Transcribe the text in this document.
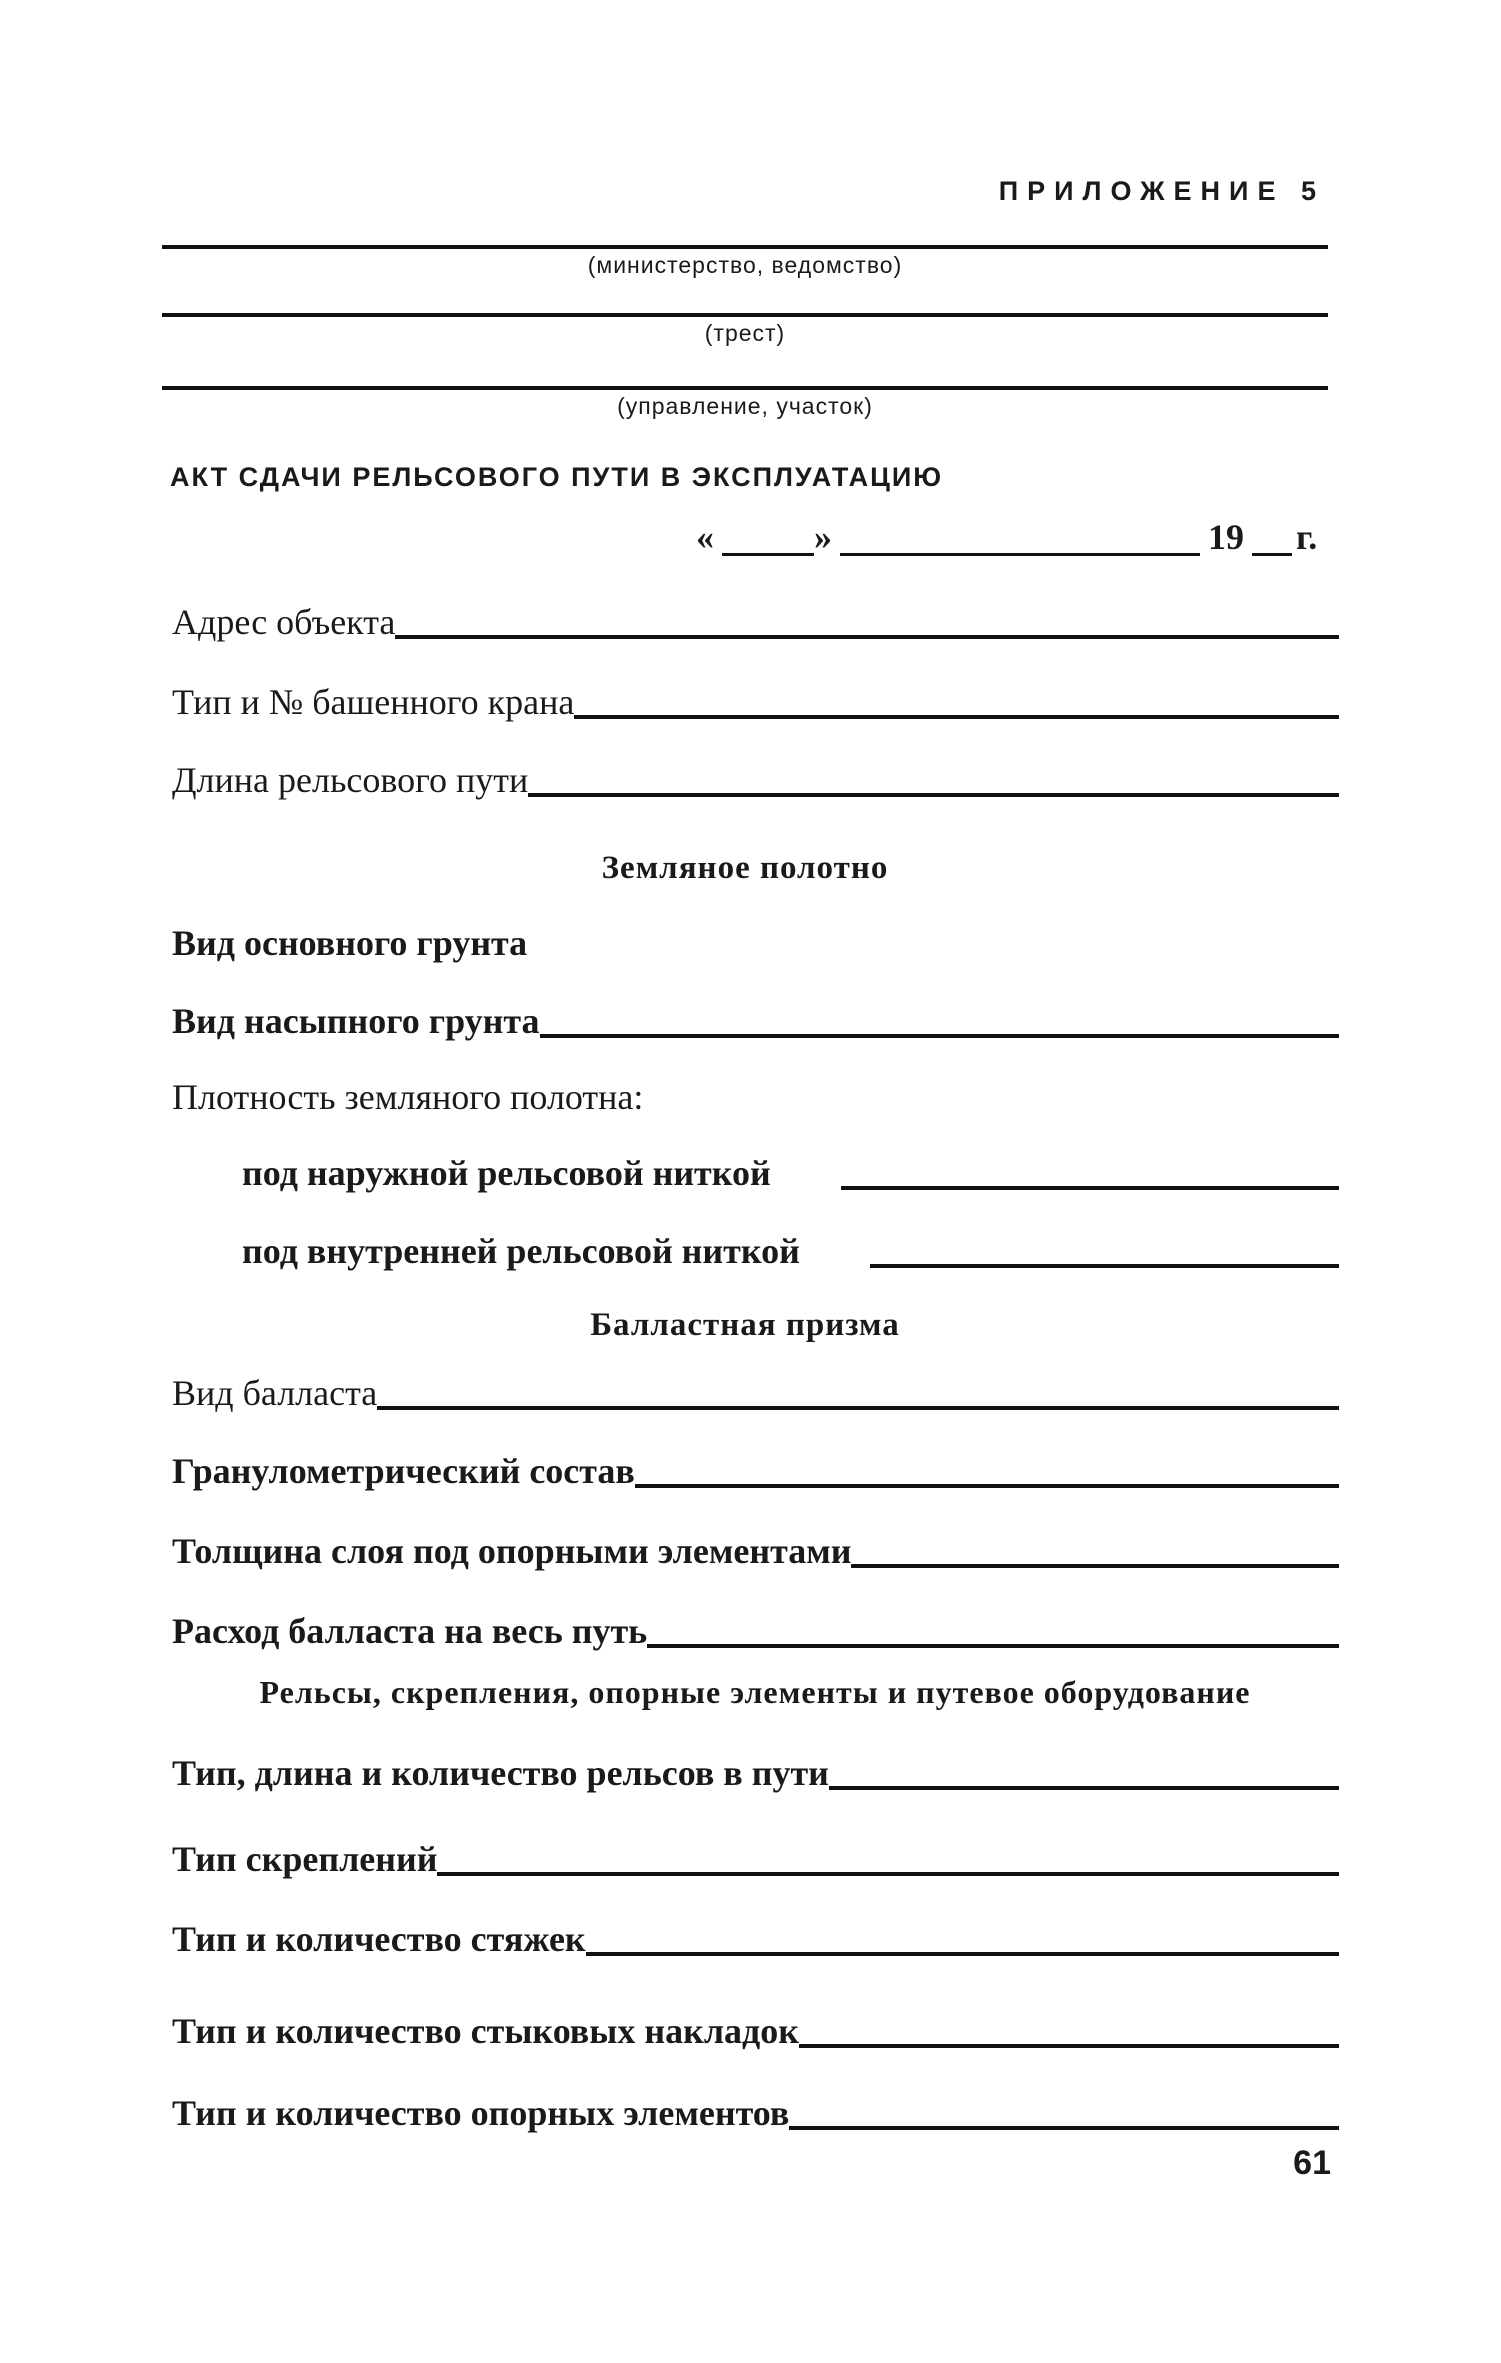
ПРИЛОЖЕНИЕ 5
(министерство, ведомство)
(трест)
(управление, участок)
АКТ СДАЧИ РЕЛЬСОВОГО ПУТИ В ЭКСПЛУАТАЦИЮ
«	»	19 г.
Адрес объекта
Тип и № башенного крана
Длина рельсового пути
Земляное полотно
Вид основного грунта
Вид насыпного грунта
Плотность земляного полотна:
под наружной рельсовой ниткой
под внутренней рельсовой ниткой
Балластная призма
Вид балласта
Гранулометрический состав
Толщина слоя под опорными элементами
Расход балласта на весь путь
Рельсы, скрепления, опорные элементы и путевое оборудование
Тип, длина и количество рельсов в пути
Тип скреплений
Тип и количество стяжек
Тип и количество стыковых накладок
Тип и количество опорных элементов
61
